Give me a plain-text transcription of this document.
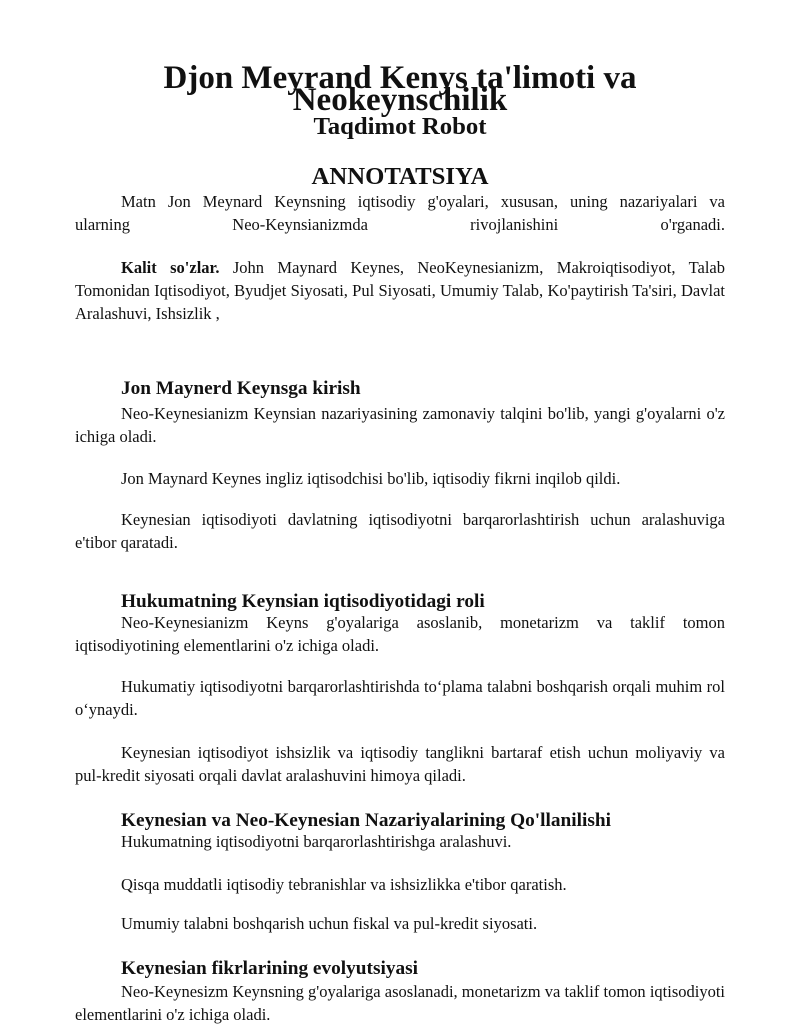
Djon Meyrand Kenys ta'limoti va Neokeynschilik
Taqdimot Robot
ANNOTATSIYA

Matn Jon Meynard Keynsning iqtisodiy g'oyalari, xususan, uning nazariyalari va

ularning Neo-Keynsianizmda rivojlanishini o'rganadi.

Kalit so'zlar. John Maynard Keynes, NeoKeynesianizm, Makroiqtisodiyot, Talab Tomonidan Iqtisodiyot, Byudjet Siyosati, Pul Siyosati, Umumiy Talab, Ko'paytirish Ta'siri, Davlat Aralashuvi, Ishsizlik ,

Jon Maynerd Keynsga kirish

Neo-Keynesianizm Keynsian nazariyasining zamonaviy talqini bo'lib, yangi g'oyalarni o'z ichiga oladi.

Jon Maynard Keynes ingliz iqtisodchisi bo'lib, iqtisodiy fikrni inqilob qildi.

Keynesian iqtisodiyoti davlatning iqtisodiyotni barqarorlashtirish uchun aralashuviga e'tibor qaratadi.

Hukumatning Keynsian iqtisodiyotidagi roli

Neo-Keynesianizm Keyns g'oyalariga asoslanib, monetarizm va taklif tomon iqtisodiyotining elementlarini o'z ichiga oladi.

Hukumatiy iqtisodiyotni barqarorlashtirishda to‘plama talabni boshqarish orqali muhim rol o‘ynaydi.

Keynesian iqtisodiyot ishsizlik va iqtisodiy tanglikni bartaraf etish uchun moliyaviy va pul-kredit siyosati orqali davlat aralashuvini himoya qiladi.

Keynesian va Neo-Keynesian Nazariyalarining Qo'llanilishi

Hukumatning iqtisodiyotni barqarorlashtirishga aralashuvi.

Qisqa muddatli iqtisodiy tebranishlar va ishsizlikka e'tibor qaratish.

Umumiy talabni boshqarish uchun fiskal va pul-kredit siyosati.

Keynesian fikrlarining evolyutsiyasi

Neo-Keynesizm Keynsning g'oyalariga asoslanadi, monetarizm va taklif tomon iqtisodiyoti elementlarini o'z ichiga oladi.
